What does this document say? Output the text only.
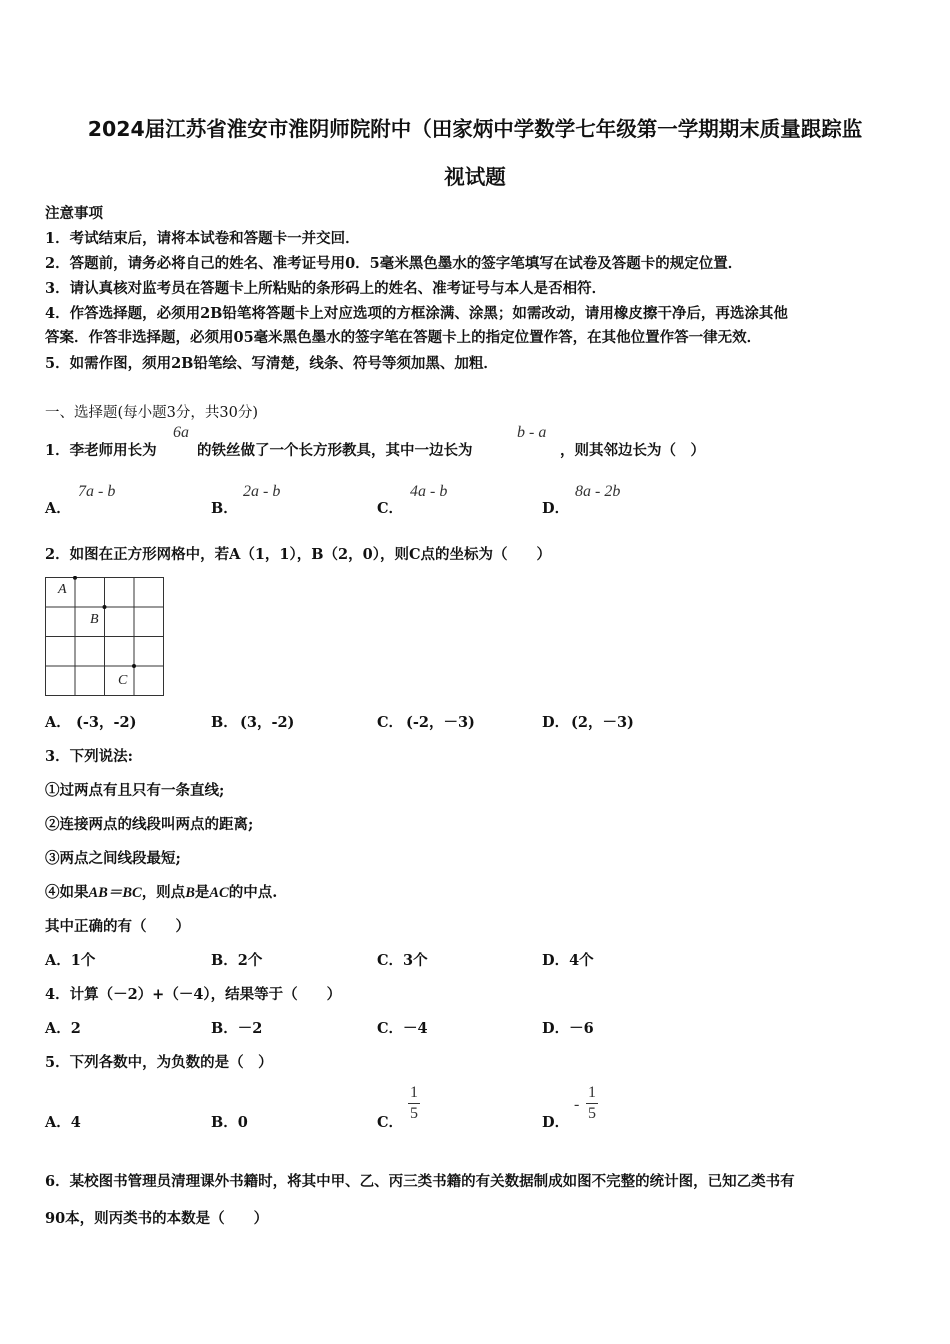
2024届江苏省淮安市淮阴师院附中（田家炳中学数学七年级第一学期期末质量跟踪监
视试题
注意事项
1．考试结束后，请将本试卷和答题卡一并交回．
2．答题前，请务必将自己的姓名、准考证号用0．5毫米黑色墨水的签字笔填写在试卷及答题卡的规定位置．
3．请认真核对监考员在答题卡上所粘贴的条形码上的姓名、准考证号与本人是否相符．
4．作答选择题，必须用2B铅笔将答题卡上对应选项的方框涂满、涂黑；如需改动，请用橡皮擦干净后，再选涂其他
答案．作答非选择题，必须用05毫米黑色墨水的签字笔在答题卡上的指定位置作答，在其他位置作答一律无效．
5．如需作图，须用2B铅笔绘、写清楚，线条、符号等须加黑、加粗．
一、选择题(每小题3分，共30分)
1．李老师用长为
6a
的铁丝做了一个长方形教具，其中一边长为
b - a
，则其邻边长为（　）
A．
7a - b
B．
2a - b
C．
4a - b
D．
8a - 2b
2．如图在正方形网格中，若A（1，1），B（2，0），则C点的坐标为（　　）
A
B
C
A． (-3，-2)	B． (3，-2)	C． (-2，－3)	D． (2，－3)
3．下列说法:
①过两点有且只有一条直线;
②连接两点的线段叫两点的距离;
③两点之间线段最短;
④如果AB＝BC，则点B是AC的中点.
其中正确的有（　　）
A．1个	B．2个	C．3个	D．4个
4．计算（－2）+（－4），结果等于（　　）
A．2	B．－2	C．－4	D．－6
5．下列各数中，为负数的是（　）
A．4	B．0	C．
1
5
D．
-
1
5
6．某校图书管理员清理课外书籍时，将其中甲、乙、丙三类书籍的有关数据制成如图不完整的统计图，已知乙类书有
90本，则丙类书的本数是（　　）
